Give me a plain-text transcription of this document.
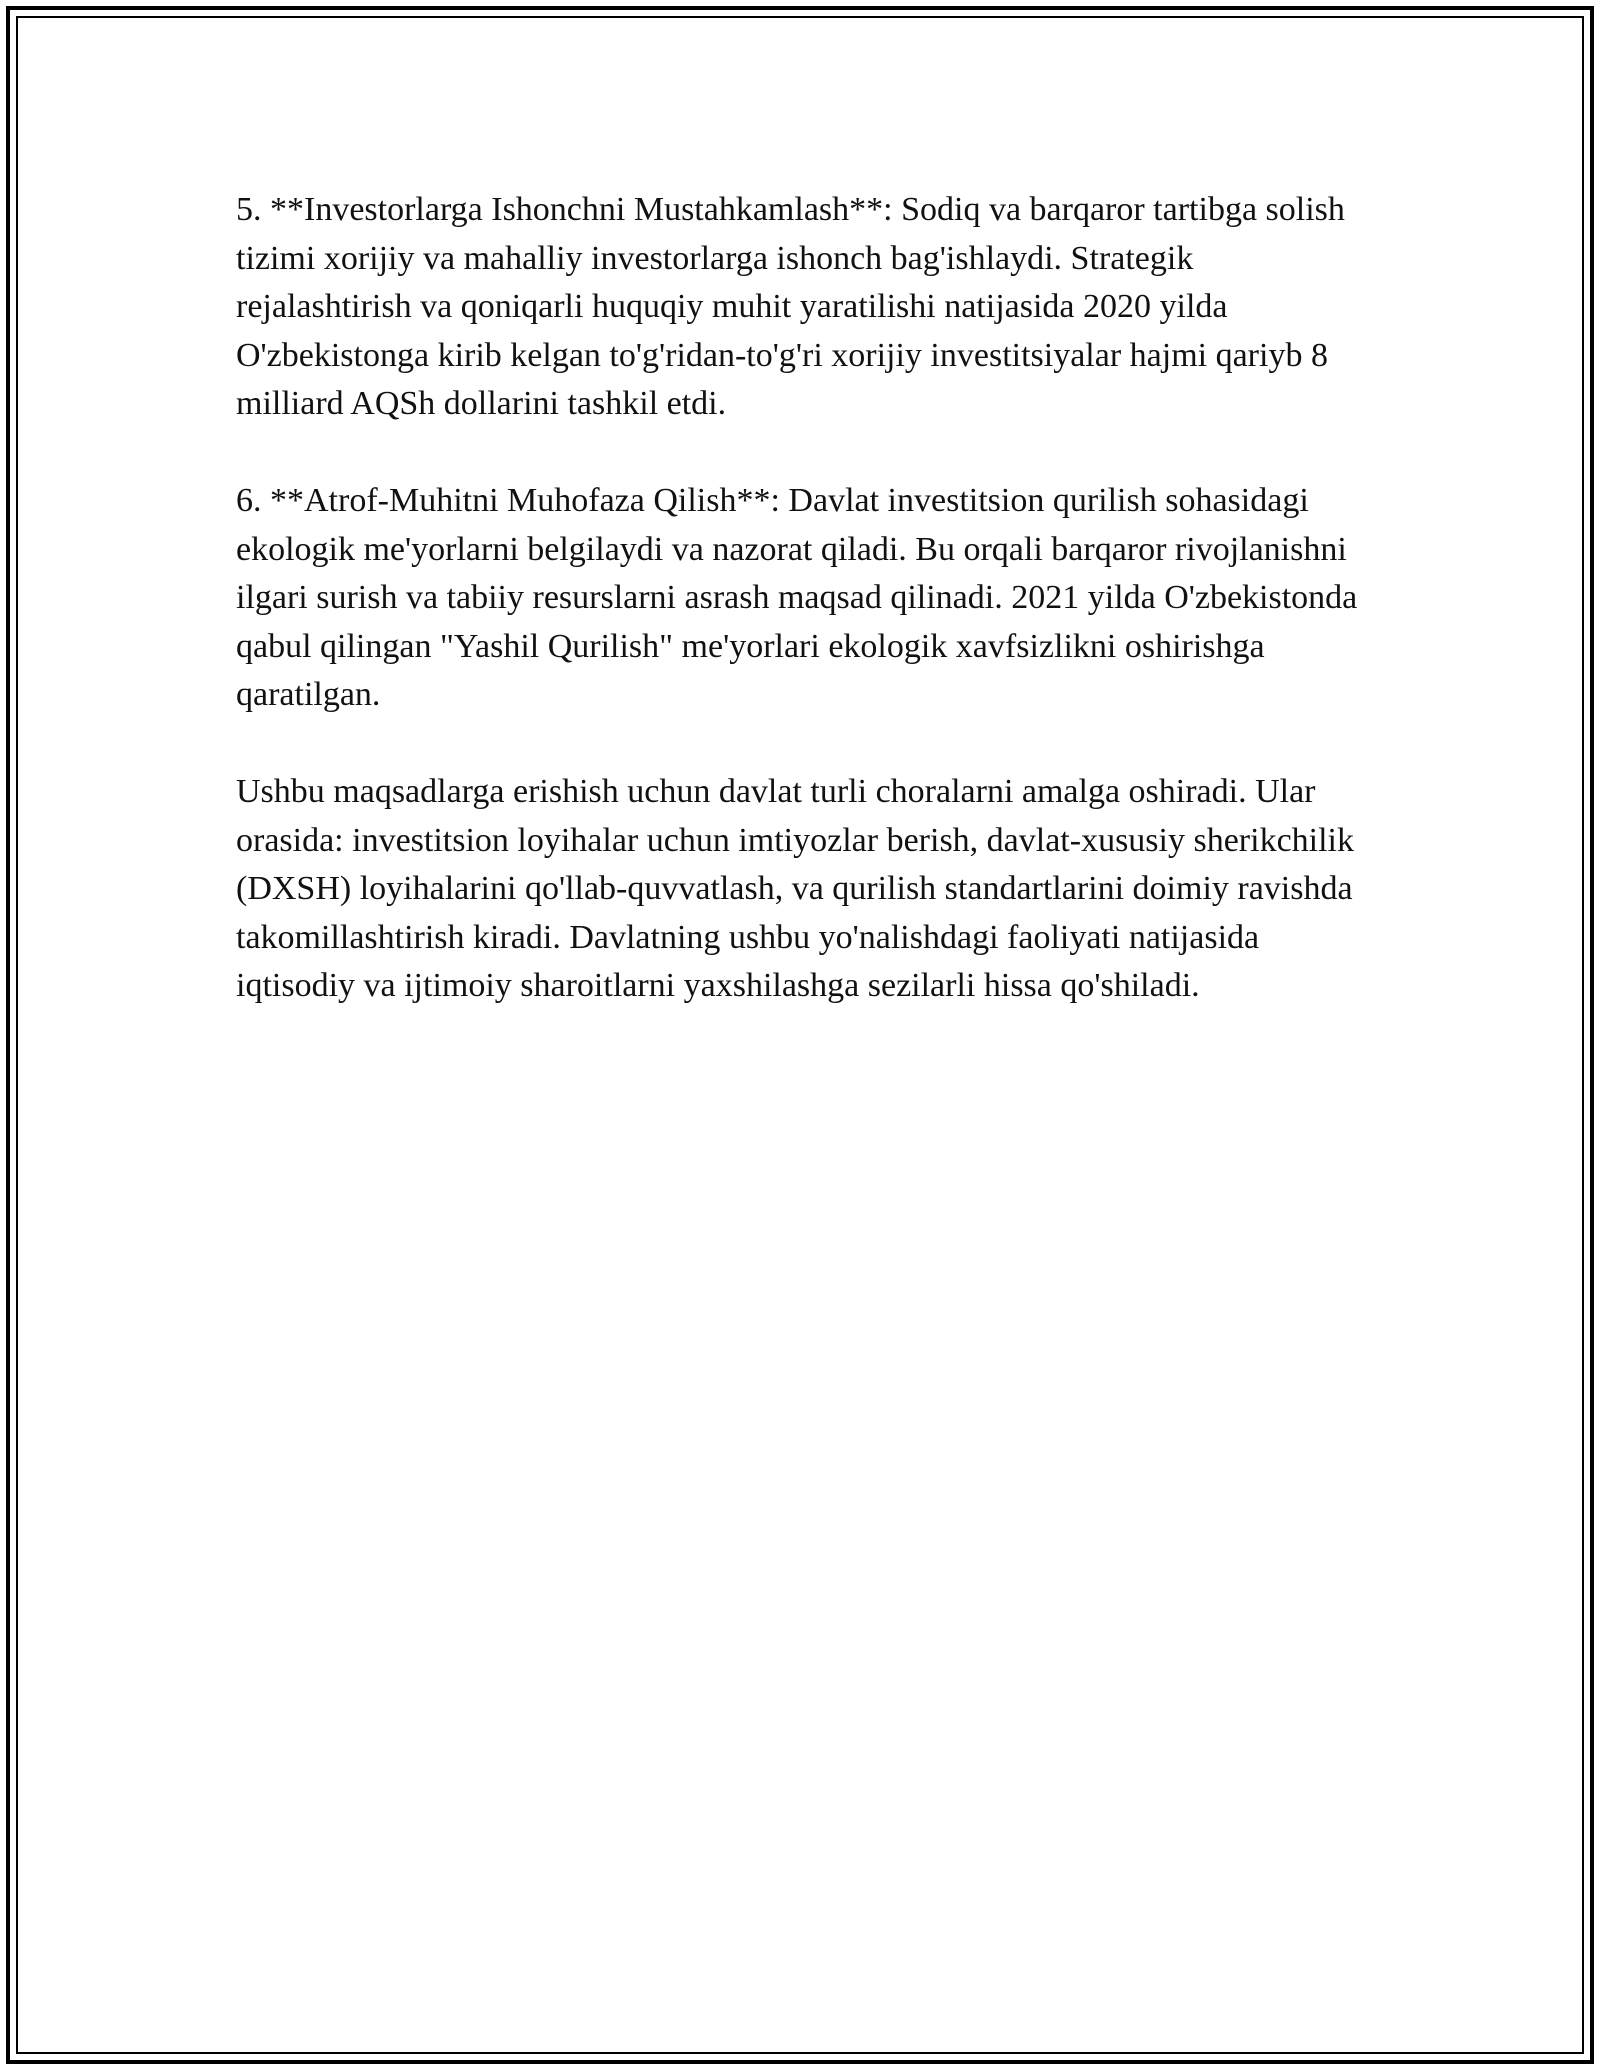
5. **Investorlarga Ishonchni Mustahkamlash**: Sodiq va barqaror tartibga solish tizimi xorijiy va mahalliy investorlarga ishonch bag'ishlaydi. Strategik rejalashtirish va qoniqarli huquqiy muhit yaratilishi natijasida 2020 yilda O'zbekistonga kirib kelgan to'g'ridan-to'g'ri xorijiy investitsiyalar hajmi qariyb 8 milliard AQSh dollarini tashkil etdi.

6. **Atrof-Muhitni Muhofaza Qilish**: Davlat investitsion qurilish sohasidagi ekologik me'yorlarni belgilaydi va nazorat qiladi. Bu orqali barqaror rivojlanishni ilgari surish va tabiiy resurslarni asrash maqsad qilinadi. 2021 yilda O'zbekistonda qabul qilingan "Yashil Qurilish" me'yorlari ekologik xavfsizlikni oshirishga qaratilgan.

Ushbu maqsadlarga erishish uchun davlat turli choralarni amalga oshiradi. Ular orasida: investitsion loyihalar uchun imtiyozlar berish, davlat-xususiy sherikchilik (DXSH) loyihalarini qo'llab-quvvatlash, va qurilish standartlarini doimiy ravishda takomillashtirish kiradi. Davlatning ushbu yo'nalishdagi faoliyati natijasida iqtisodiy va ijtimoiy sharoitlarni yaxshilashga sezilarli hissa qo'shiladi.
